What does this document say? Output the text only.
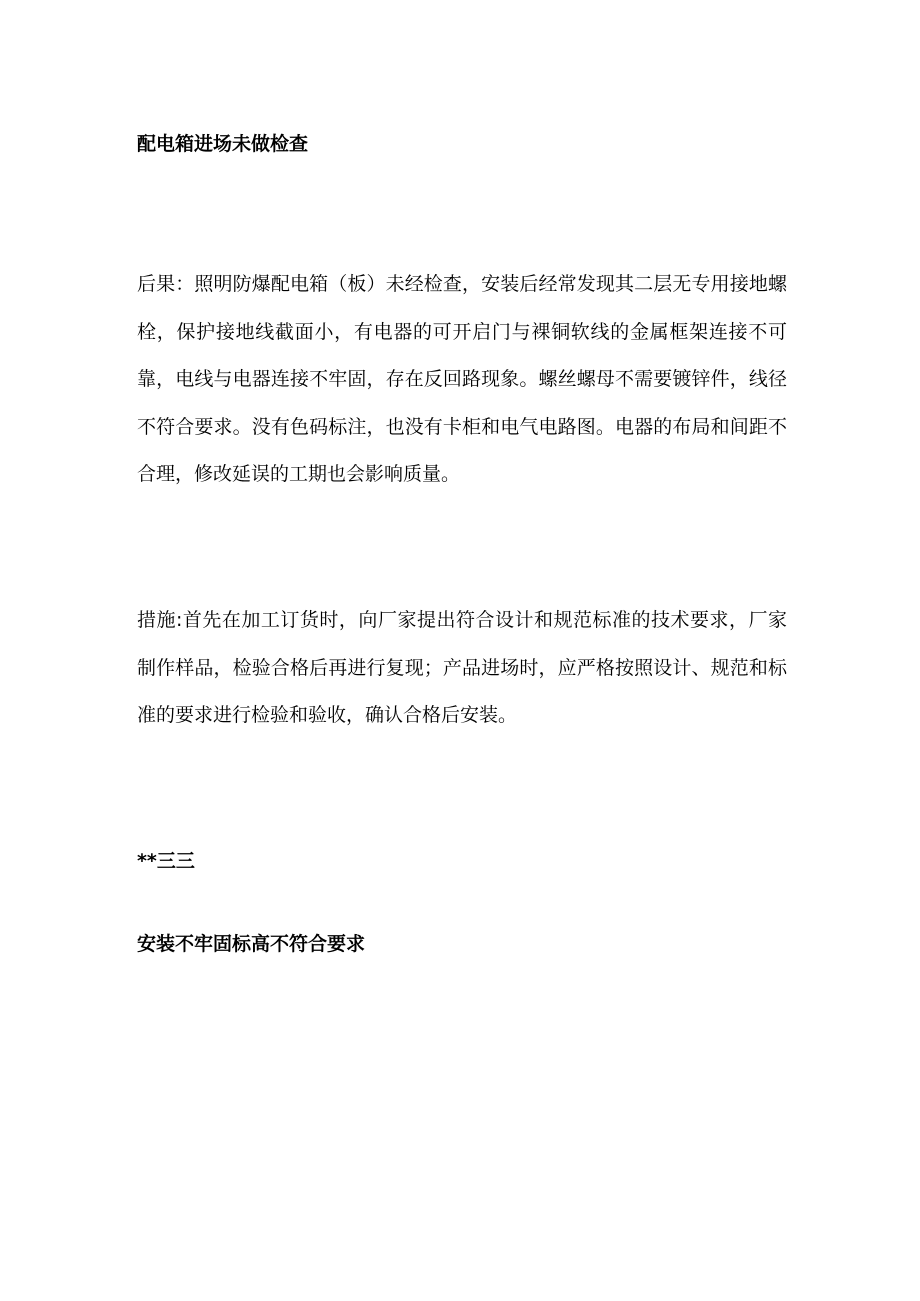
配电箱进场未做检查
后果：照明防爆配电箱（板）未经检查，安装后经常发现其二层无专用接地螺栓，保护接地线截面小，有电器的可开启门与裸铜软线的金属框架连接不可靠，电线与电器连接不牢固，存在反回路现象。螺丝螺母不需要镀锌件，线径不符合要求。没有色码标注，也没有卡柜和电气电路图。电器的布局和间距不合理，修改延误的工期也会影响质量。
措施:首先在加工订货时，向厂家提出符合设计和规范标准的技术要求，厂家制作样品，检验合格后再进行复现；产品进场时，应严格按照设计、规范和标准的要求进行检验和验收，确认合格后安装。
**三三
安装不牢固标高不符合要求
